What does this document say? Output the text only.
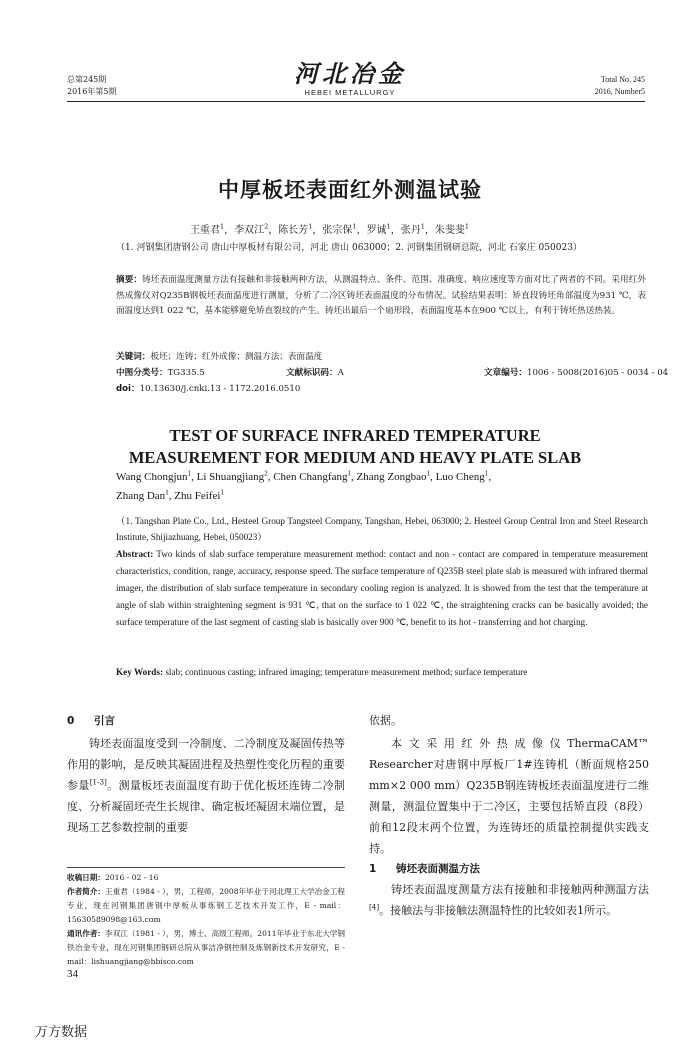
总第245期
2016年第5期
河北冶金
HEBEI METALLURGY
Total No. 245
2016, Number5
中厚板坯表面红外测温试验
王重君$^1$，李双江$^2$，陈长芳$^1$，张宗保$^1$，罗诚$^1$，张丹$^1$，朱斐斐$^1$
（1. 河钢集团唐钢公司 唐山中厚板材有限公司，河北 唐山 063000；2. 河钢集团钢研总院，河北 石家庄 050023）
摘要：铸坯表面温度测量方法有接触和非接触两种方法，从测温特点、条件、范围、准确度、响应速度等方面对比了两者的不同。采用红外热成像仪对Q235B钢板坯表面温度进行测量，分析了二冷区铸坯表面温度的分布情况。试验结果表明：矫直段铸坯角部温度为931 ℃，表面温度达到1 022 ℃，基本能够避免矫直裂纹的产生。铸坯出最后一个扇形段，表面温度基本在900 ℃以上，有利于铸坯热送热装。
关键词：板坯；连铸；红外成像；测温方法；表面温度
中图分类号：TG335.5	文献标识码：A	文章编号：1006 - 5008(2016)05 - 0034 - 04
doi：10.13630/j.cnki.13 - 1172.2016.0510
TEST OF SURFACE INFRARED TEMPERATURE
MEASUREMENT FOR MEDIUM AND HEAVY PLATE SLAB
Wang Chongjun$^1$, Li Shuangjiang$^2$, Chen Changfang$^1$, Zhang Zongbao$^1$, Luo Cheng$^1$,
Zhang Dan$^1$, Zhu Feifei$^1$
（1. Tangshan Plate Co., Ltd., Hesteel Group Tangsteel Company, Tangshan, Hebei, 063000; 2. Hesteel Group Central Iron and Steel Research Institute, Shijiazhuang, Hebei, 050023）
Abstract: Two kinds of slab surface temperature measurement method: contact and non - contact are compared in temperature measurement characteristics, condition, range, accuracy, response speed. The surface temperature of Q235B steel plate slab is measured with infrared thermal imager, the distribution of slab surface temperature in secondary cooling region is analyzed. It is showed from the test that the temperature at angle of slab within straightening segment is 931 ℃, that on the surface to 1 022 ℃, the straightening cracks can be basically avoided; the surface temperature of the last segment of casting slab is basically over 900 ℃, benefit to its hot - transferring and hot charging.
Key Words: slab; continuous casting; infrared imaging; temperature measurement method; surface temperature
0 引言
铸坯表面温度受到一冷制度、二冷制度及凝固传热等作用的影响，是反映其凝固进程及热塑性变化历程的重要参量[1-3]。测量板坯表面温度有助于优化板坯连铸二冷制度、分析凝固坯壳生长规律、确定板坯凝固末端位置，是现场工艺参数控制的重要
收稿日期：2016 - 02 - 16
作者简介：王重君（1984 - ），男，工程师，2008年毕业于河北理工大学冶金工程专业，现在河钢集团唐钢中厚板从事炼钢工艺技术开发工作，E - mail：15630589098@163.com
通讯作者：李双江（1981 - ），男，博士、高级工程师，2011年毕业于东北大学钢铁冶金专业，现在河钢集团钢研总院从事洁净钢控制及炼钢新技术开发研究，E - mail：lishuangjiang@hbisco.com
依据。
本文采用红外热成像仪ThermaCAM™ Researcher对唐钢中厚板厂1#连铸机（断面规格250 mm×2 000 mm）Q235B钢连铸板坯表面温度进行二维测量，测温位置集中于二冷区，主要包括矫直段（8段）前和12段末两个位置，为连铸坯的质量控制提供实践支持。
1 铸坯表面测温方法
铸坯表面温度测量方法有接触和非接触两种测温方法[4]。接触法与非接触法测温特性的比较如表1所示。
34
万方数据
